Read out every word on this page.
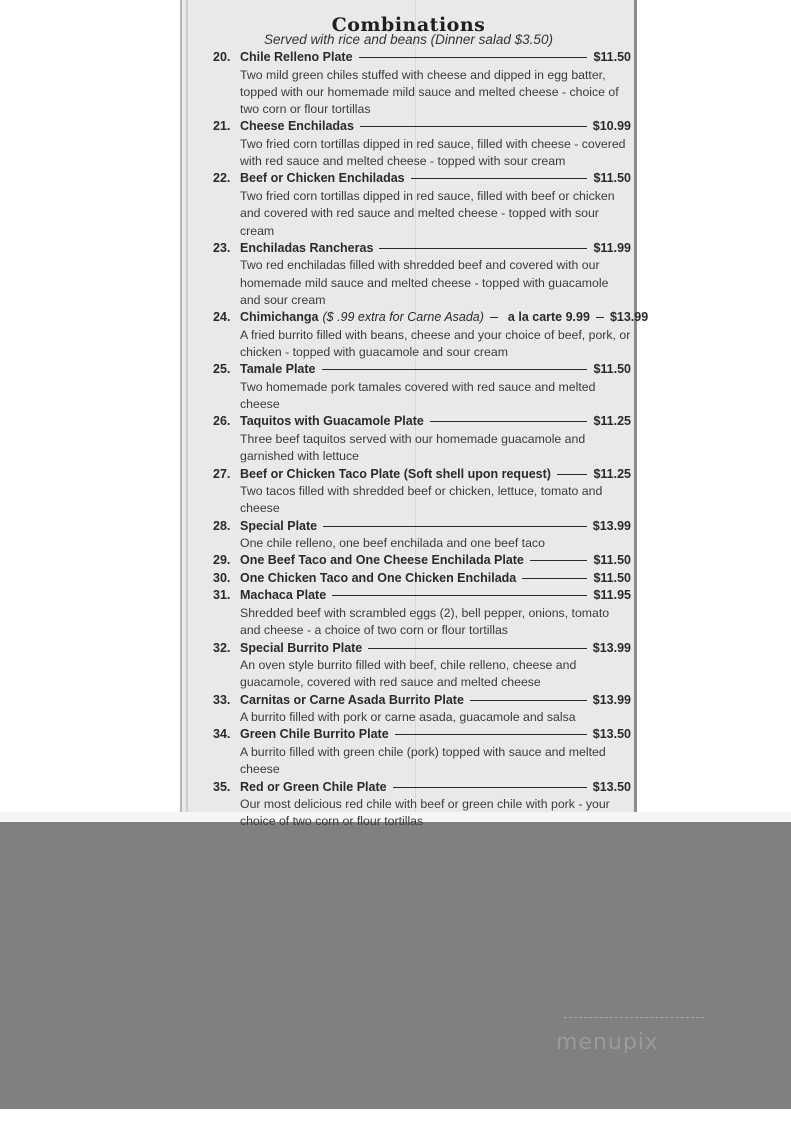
Combinations
Served with rice and beans (Dinner salad $3.50)
20. Chile Relleno Plate	$11.50
Two mild green chiles stuffed with cheese and dipped in egg batter, topped with our homemade mild sauce and melted cheese - choice of two corn or flour tortillas
21. Cheese Enchiladas	$10.99
Two fried corn tortillas dipped in red sauce, filled with cheese - covered with red sauce and melted cheese - topped with sour cream
22. Beef or Chicken Enchiladas	$11.50
Two fried corn tortillas dipped in red sauce, filled with beef or chicken and covered with red sauce and melted cheese - topped with sour cream
23. Enchiladas Rancheras	$11.99
Two red enchiladas filled with shredded beef and covered with our homemade mild sauce and melted cheese - topped with guacamole and sour cream
24. Chimichanga ($ .99 extra for Carne Asada) a la carte 9.99 $13.99
A fried burrito filled with beans, cheese and your choice of beef, pork, or chicken - topped with guacamole and sour cream
25. Tamale Plate	$11.50
Two homemade pork tamales covered with red sauce and melted cheese
26. Taquitos with Guacamole Plate	$11.25
Three beef taquitos served with our homemade guacamole and garnished with lettuce
27. Beef or Chicken Taco Plate (Soft shell upon request)	$11.25
Two tacos filled with shredded beef or chicken, lettuce, tomato and cheese
28. Special Plate	$13.99
One chile relleno, one beef enchilada and one beef taco
29. One Beef Taco and One Cheese Enchilada Plate	$11.50
30. One Chicken Taco and One Chicken Enchilada	$11.50
31. Machaca Plate	$11.95
Shredded beef with scrambled eggs (2), bell pepper, onions, tomato and cheese - a choice of two corn or flour tortillas
32. Special Burrito Plate	$13.99
An oven style burrito filled with beef, chile relleno, cheese and guacamole, covered with red sauce and melted cheese
33. Carnitas or Carne Asada Burrito Plate	$13.99
A burrito filled with pork or carne asada, guacamole and salsa
34. Green Chile Burrito Plate	$13.50
A burrito filled with green chile (pork) topped with sauce and melted cheese
35. Red or Green Chile Plate	$13.50
Our most delicious red chile with beef or green chile with pork - your choice of two corn or flour tortillas
menupix
